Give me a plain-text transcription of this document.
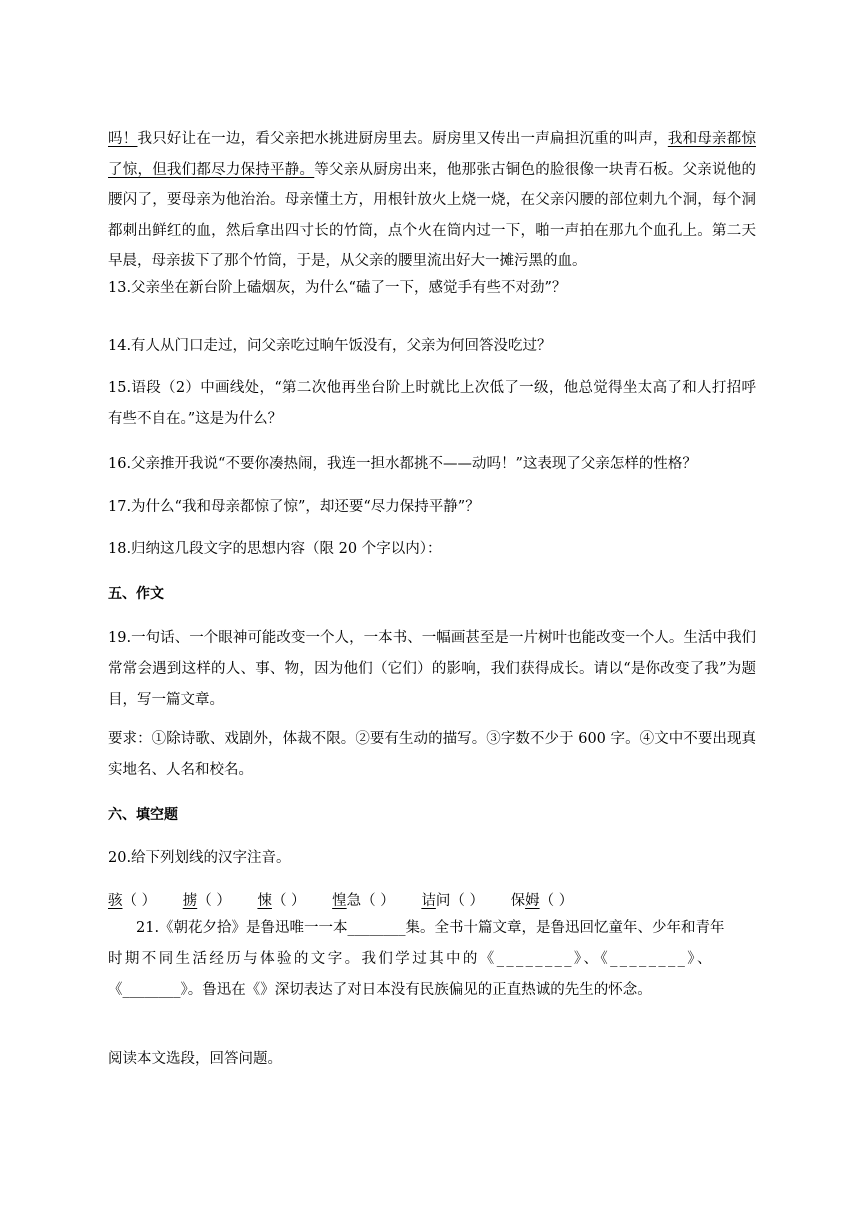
吗！我只好让在一边，看父亲把水挑进厨房里去。厨房里又传出一声扁担沉重的叫声，我和母亲都惊了惊，但我们都尽力保持平静。等父亲从厨房出来，他那张古铜色的脸很像一块青石板。父亲说他的腰闪了，要母亲为他治治。母亲懂土方，用根针放火上烧一烧，在父亲闪腰的部位刺九个洞，每个洞都刺出鲜红的血，然后拿出四寸长的竹筒，点个火在筒内过一下，啪一声拍在那九个血孔上。第二天早晨，母亲拔下了那个竹筒，于是，从父亲的腰里流出好大一摊污黑的血。
13.父亲坐在新台阶上磕烟灰，为什么“磕了一下，感觉手有些不对劲”？
14.有人从门口走过，问父亲吃过晌午饭没有，父亲为何回答没吃过？
15.语段（2）中画线处，“第二次他再坐台阶上时就比上次低了一级，他总觉得坐太高了和人打招呼有些不自在。”这是为什么？
16.父亲推开我说“不要你凑热闹，我连一担水都挑不——动吗！”这表现了父亲怎样的性格？
17.为什么“我和母亲都惊了惊”，却还要“尽力保持平静”？
18.归纳这几段文字的思想内容（限 20 个字以内）：
五、作文
19.一句话、一个眼神可能改变一个人，一本书、一幅画甚至是一片树叶也能改变一个人。生活中我们常常会遇到这样的人、事、物，因为他们（它们）的影响，我们获得成长。请以“是你改变了我”为题目，写一篇文章。
要求：①除诗歌、戏剧外，体裁不限。②要有生动的描写。③字数不少于 600 字。④文中不要出现真实地名、人名和校名。
六、填空题
20.给下列划线的汉字注音。
骇（ ） 掳（ ） 悚（ ） 惶急（ ） 诘问（ ） 保姆（ ）
21.《朝花夕拾》是鲁迅唯一一本________集。全书十篇文章，是鲁迅回忆童年、少年和青年
时期不同生活经历与体验的文字。我们学过其中的《________》、《________》、
《________》。鲁迅在《》深切表达了对日本没有民族偏见的正直热诚的先生的怀念。
阅读本文选段，回答问题。
